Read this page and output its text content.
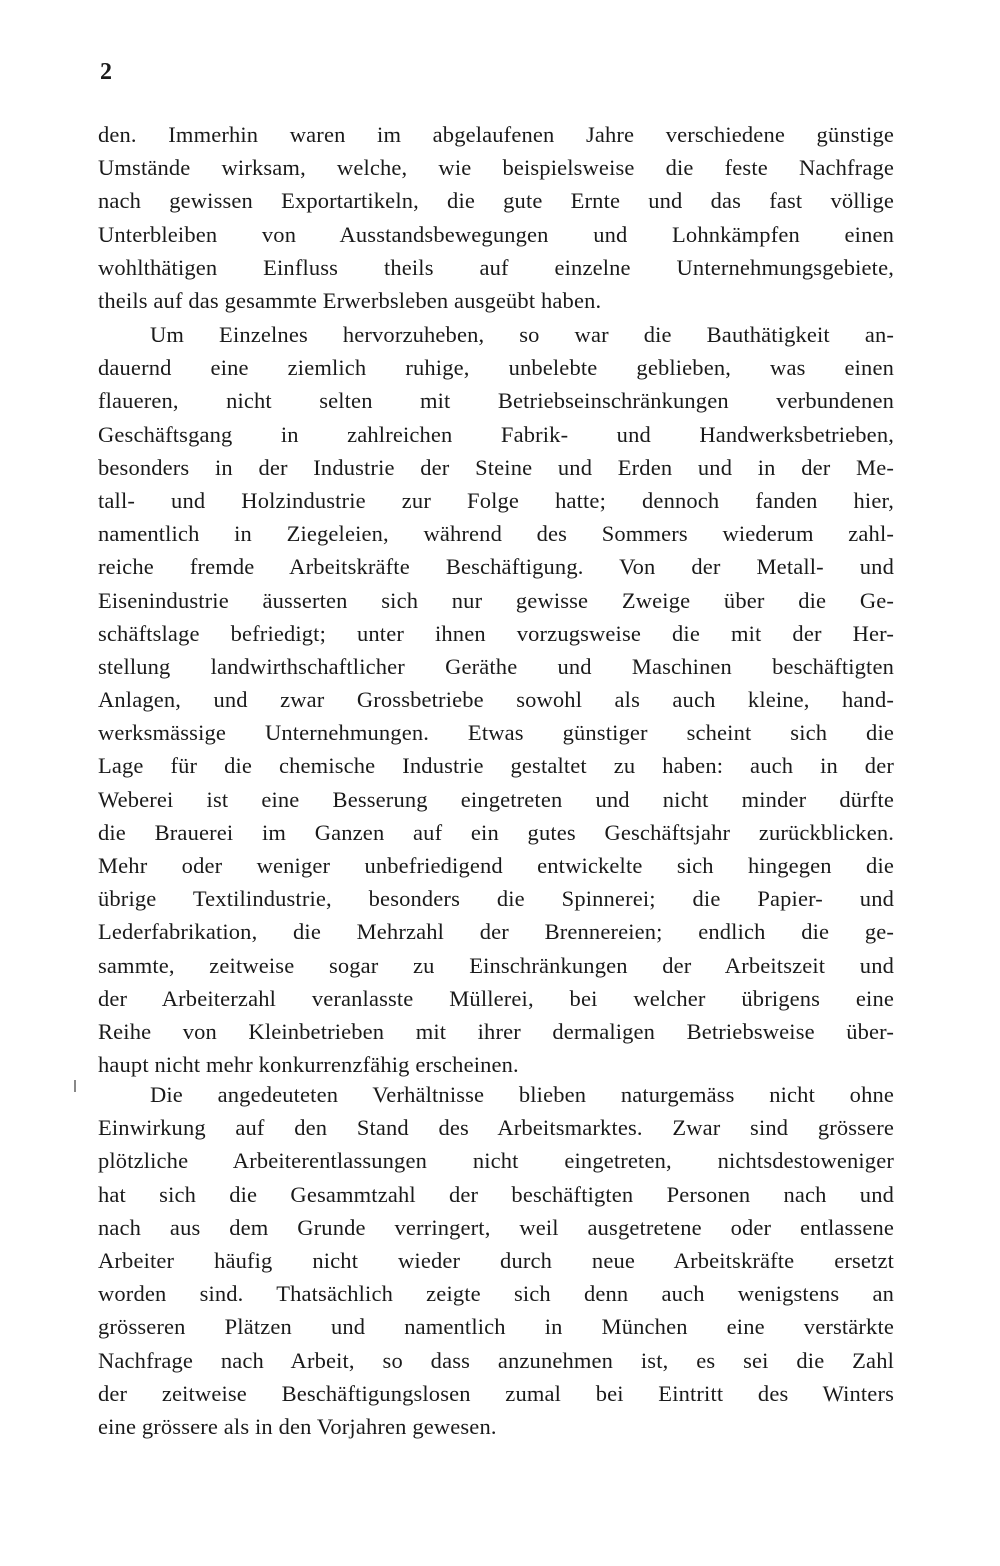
2
den. Immerhin waren im abgelaufenen Jahre verschiedene günstige
Umstände wirksam, welche, wie beispielsweise die feste Nachfrage
nach gewissen Exportartikeln, die gute Ernte und das fast völlige
Unterbleiben von Ausstandsbewegungen und Lohnkämpfen einen
wohlthätigen Einfluss theils auf einzelne Unternehmungsgebiete,
theils auf das gesammte Erwerbsleben ausgeübt haben.
Um Einzelnes hervorzuheben, so war die Bauthätigkeit an-
dauernd eine ziemlich ruhige, unbelebte geblieben, was einen
flaueren, nicht selten mit Betriebseinschränkungen verbundenen
Geschäftsgang in zahlreichen Fabrik- und Handwerksbetrieben,
besonders in der Industrie der Steine und Erden und in der Me-
tall- und Holzindustrie zur Folge hatte; dennoch fanden hier,
namentlich in Ziegeleien, während des Sommers wiederum zahl-
reiche fremde Arbeitskräfte Beschäftigung. Von der Metall- und
Eisenindustrie äusserten sich nur gewisse Zweige über die Ge-
schäftslage befriedigt; unter ihnen vorzugsweise die mit der Her-
stellung landwirthschaftlicher Geräthe und Maschinen beschäftigten
Anlagen, und zwar Grossbetriebe sowohl als auch kleine, hand-
werksmässige Unternehmungen. Etwas günstiger scheint sich die
Lage für die chemische Industrie gestaltet zu haben: auch in der
Weberei ist eine Besserung eingetreten und nicht minder dürfte
die Brauerei im Ganzen auf ein gutes Geschäftsjahr zurückblicken.
Mehr oder weniger unbefriedigend entwickelte sich hingegen die
übrige Textilindustrie, besonders die Spinnerei; die Papier- und
Lederfabrikation, die Mehrzahl der Brennereien; endlich die ge-
sammte, zeitweise sogar zu Einschränkungen der Arbeitszeit und
der Arbeiterzahl veranlasste Müllerei, bei welcher übrigens eine
Reihe von Kleinbetrieben mit ihrer dermaligen Betriebsweise über-
haupt nicht mehr konkurrenzfähig erscheinen.
Die angedeuteten Verhältnisse blieben naturgemäss nicht ohne
Einwirkung auf den Stand des Arbeitsmarktes. Zwar sind grössere
plötzliche Arbeiterentlassungen nicht eingetreten, nichtsdestoweniger
hat sich die Gesammtzahl der beschäftigten Personen nach und
nach aus dem Grunde verringert, weil ausgetretene oder entlassene
Arbeiter häufig nicht wieder durch neue Arbeitskräfte ersetzt
worden sind. Thatsächlich zeigte sich denn auch wenigstens an
grösseren Plätzen und namentlich in München eine verstärkte
Nachfrage nach Arbeit, so dass anzunehmen ist, es sei die Zahl
der zeitweise Beschäftigungslosen zumal bei Eintritt des Winters
eine grössere als in den Vorjahren gewesen.
